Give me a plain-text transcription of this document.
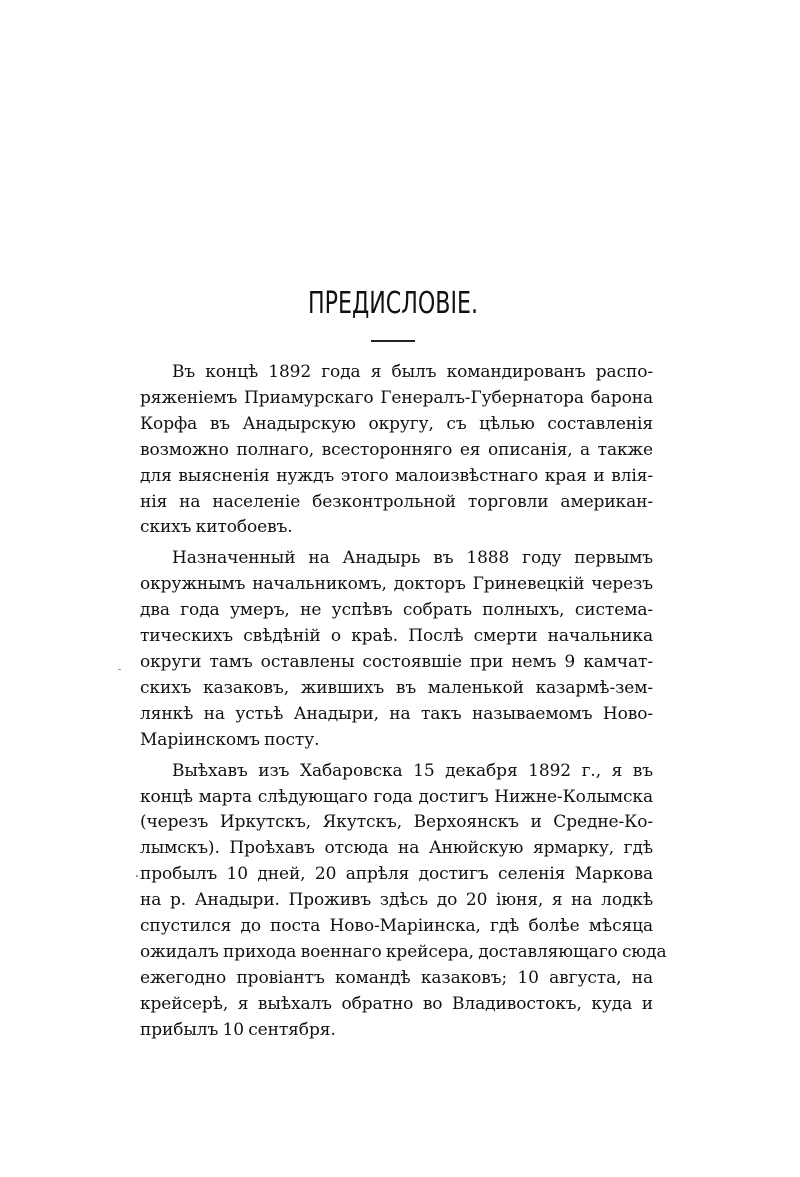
ПРЕДИСЛОВІЕ.

Въ концѣ 1892 года я былъ командированъ распо-
ряженіемъ Приамурскаго Генералъ-Губернатора барона
Корфа въ Анадырскую округу, съ цѣлью составленія
возможно полнаго, всесторонняго ея описанія, а также
для выясненія нуждъ этого малоизвѣстнаго края и влія-
нія на населеніе безконтрольной торговли американ-
скихъ китобоевъ.

Назначенный на Анадырь въ 1888 году первымъ
окружнымъ начальникомъ, докторъ Гриневецкій черезъ
два года умеръ, не успѣвъ собрать полныхъ, система-
тическихъ свѣдѣній о краѣ. Послѣ смерти начальника
округи тамъ оставлены состоявшіе при немъ 9 камчат-
скихъ казаковъ, жившихъ въ маленькой казармѣ-зем-
лянкѣ на устьѣ Анадыри, на такъ называемомъ Ново-
Маріинскомъ посту.

Выѣхавъ изъ Хабаровска 15 декабря 1892 г., я въ
концѣ марта слѣдующаго года достигъ Нижне-Колымска
(черезъ Иркутскъ, Якутскъ, Верхоянскъ и Средне-Ко-
лымскъ). Проѣхавъ отсюда на Анюйскую ярмарку, гдѣ
пробылъ 10 дней, 20 апрѣля достигъ селенія Маркова
на р. Анадыри. Проживъ здѣсь до 20 іюня, я на лодкѣ
спустился до поста Ново-Маріинска, гдѣ болѣе мѣсяца
ожидалъ прихода военнаго крейсера, доставляющаго сюда
ежегодно провіантъ командѣ казаковъ; 10 августа, на
крейсерѣ, я выѣхалъ обратно во Владивостокъ, куда и
прибылъ 10 сентября.
